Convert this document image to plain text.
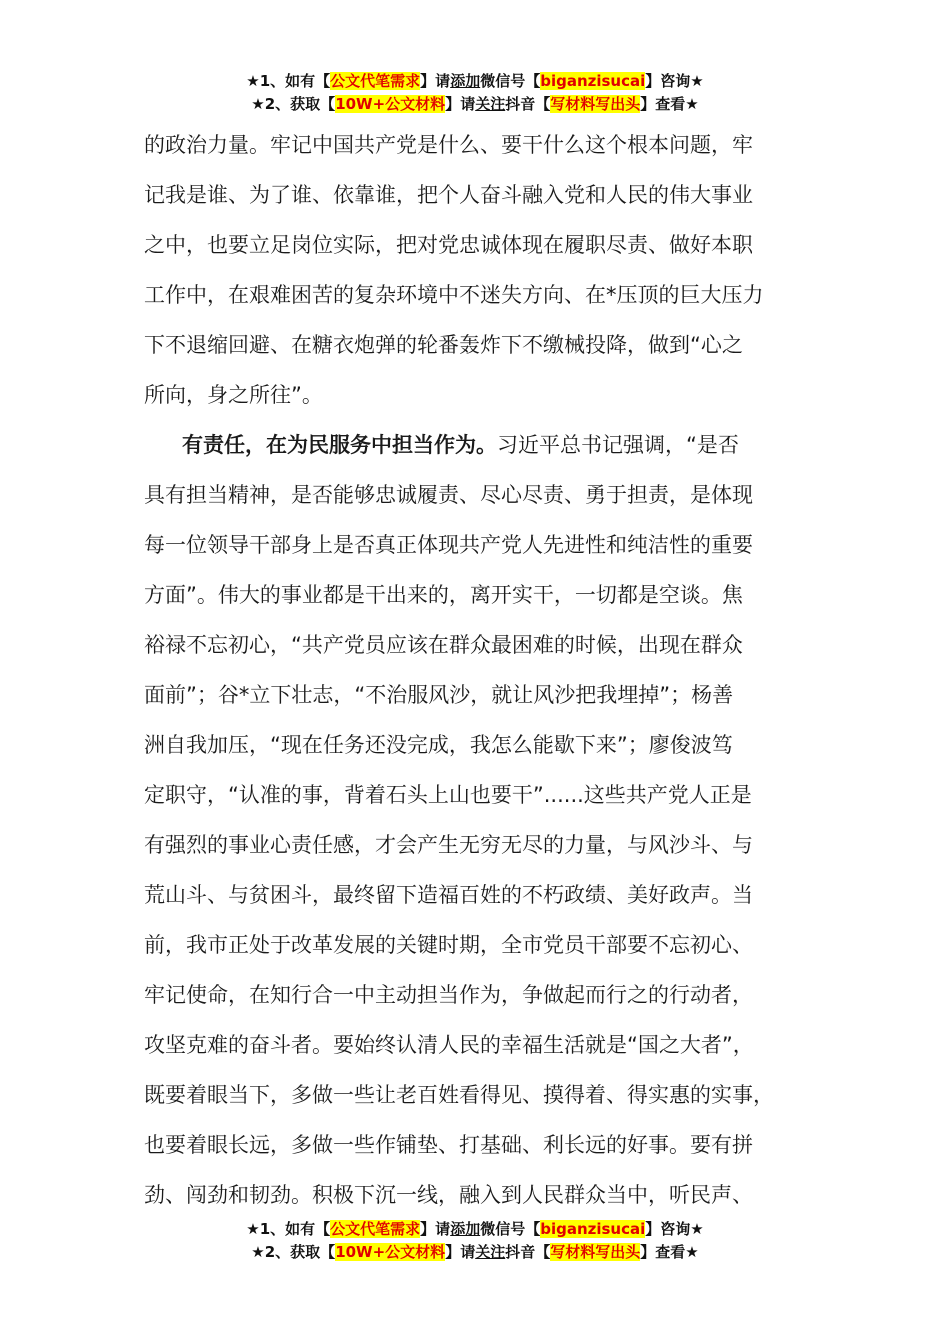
★1、如有【公文代笔需求】请添加微信号【biganzisucai】咨询★
★2、获取【10W+公文材料】请关注抖音【写材料写出头】查看★
的政治力量。牢记中国共产党是什么、要干什么这个根本问题，牢
记我是谁、为了谁、依靠谁，把个人奋斗融入党和人民的伟大事业
之中，也要立足岗位实际，把对党忠诚体现在履职尽责、做好本职
工作中，在艰难困苦的复杂环境中不迷失方向、在*压顶的巨大压力
下不退缩回避、在糖衣炮弹的轮番轰炸下不缴械投降，做到“心之
所向，身之所往”。
有责任，在为民服务中担当作为。习近平总书记强调，“是否
具有担当精神，是否能够忠诚履责、尽心尽责、勇于担责，是体现
每一位领导干部身上是否真正体现共产党人先进性和纯洁性的重要
方面”。伟大的事业都是干出来的，离开实干，一切都是空谈。焦
裕禄不忘初心，“共产党员应该在群众最困难的时候，出现在群众
面前”；谷*立下壮志，“不治服风沙，就让风沙把我埋掉”；杨善
洲自我加压，“现在任务还没完成，我怎么能歇下来”；廖俊波笃
定职守，“认准的事，背着石头上山也要干”......这些共产党人正是
有强烈的事业心责任感，才会产生无穷无尽的力量，与风沙斗、与
荒山斗、与贫困斗，最终留下造福百姓的不朽政绩、美好政声。当
前，我市正处于改革发展的关键时期，全市党员干部要不忘初心、
牢记使命，在知行合一中主动担当作为，争做起而行之的行动者，
攻坚克难的奋斗者。要始终认清人民的幸福生活就是“国之大者”，
既要着眼当下，多做一些让老百姓看得见、摸得着、得实惠的实事，
也要着眼长远，多做一些作铺垫、打基础、利长远的好事。要有拼
劲、闯劲和韧劲。积极下沉一线，融入到人民群众当中，听民声、
★1、如有【公文代笔需求】请添加微信号【biganzisucai】咨询★
★2、获取【10W+公文材料】请关注抖音【写材料写出头】查看★
